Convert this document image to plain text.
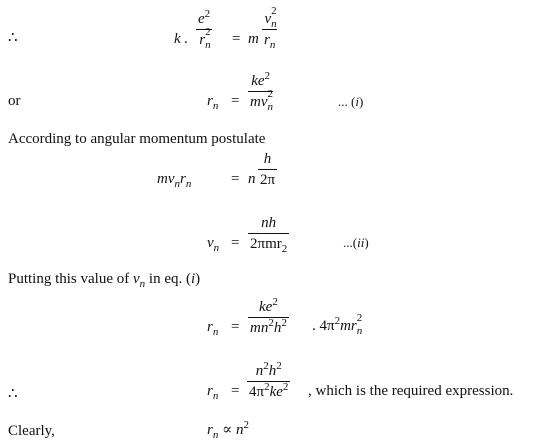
∴	k .
$e^2$
r 2
n
= m
v 2
n

$r_n$
or	$r_n$ =
$ke^2$
mv 2
n
	... (i)
According to angular momentum postulate
$mv_nr_n$	= n
h
2π
$v_n$ =
nh
2πmr$_2$	...(ii)
Putting this value of $v_n$ in eq. (i)
$r_n$ =
$ke^2$
$mn^2h^2$ . $4\pi^2mr$ 2
n
∴	$r_n$ =
$n^2h^2$
$4\pi^2ke^2$ , which is the required expression.
Clearly,	$r_n \propto n^2$
